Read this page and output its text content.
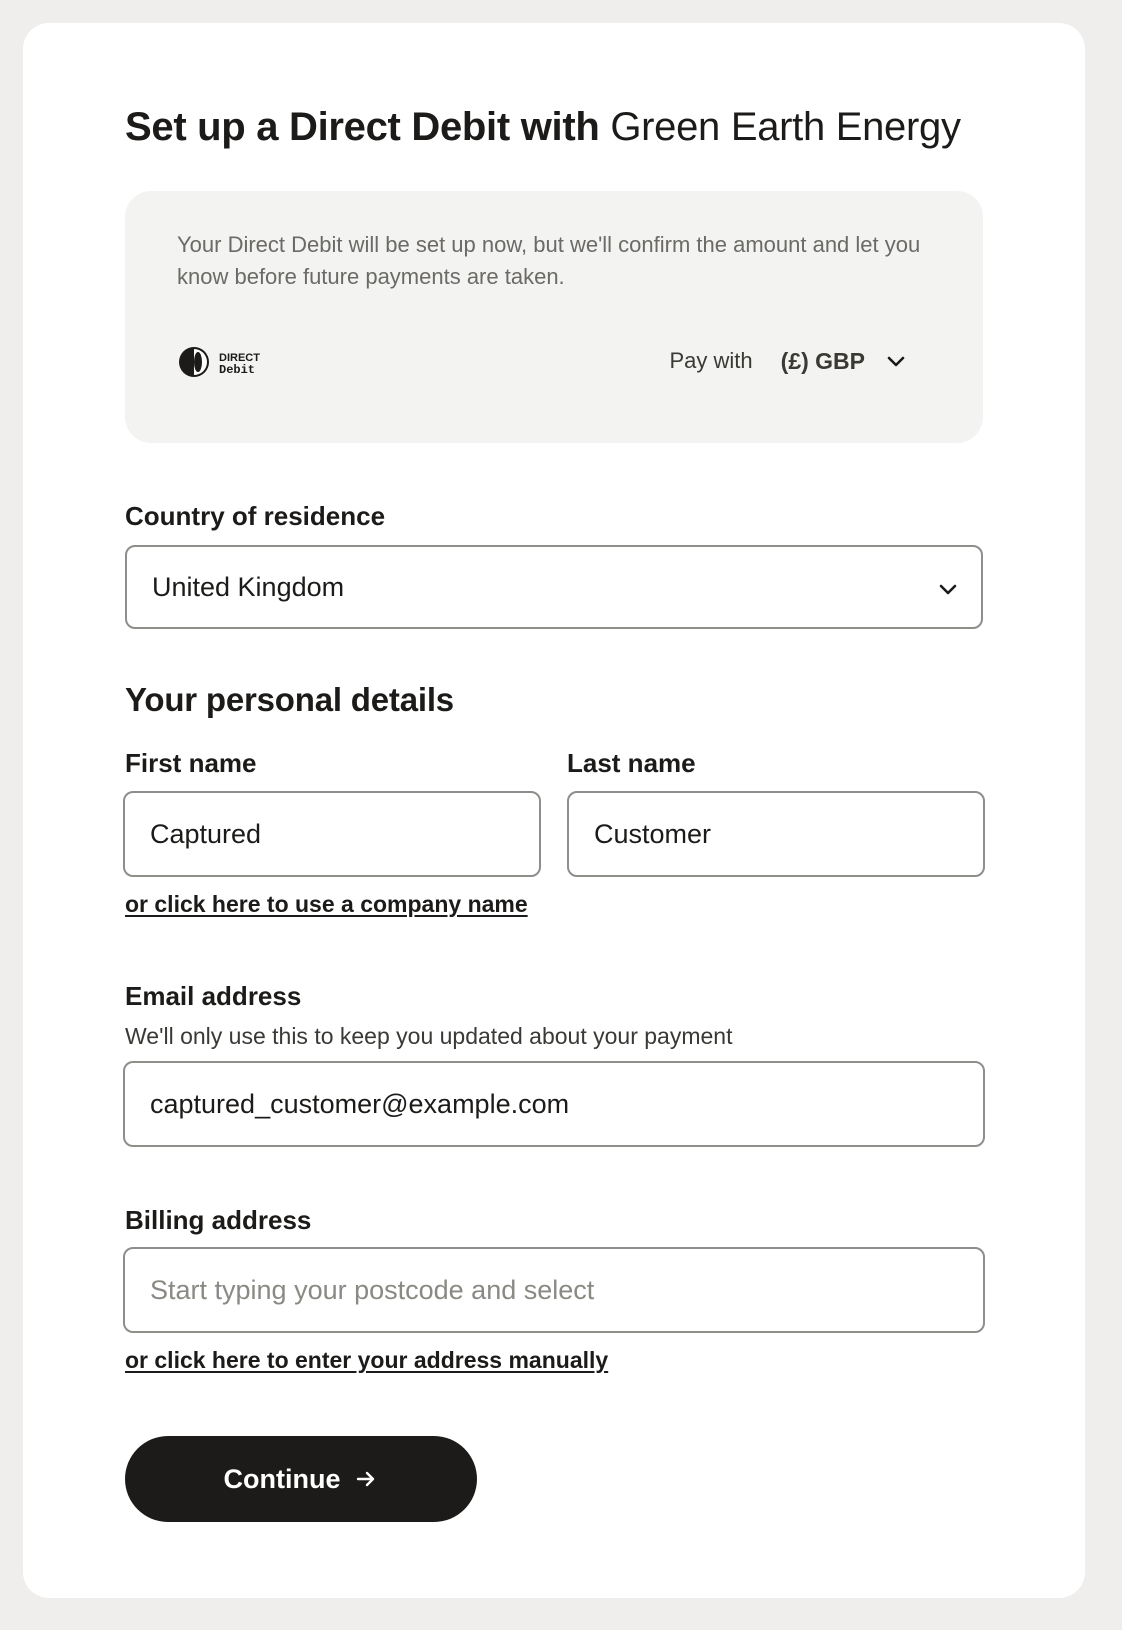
Set up a Direct Debit with Green Earth Energy

Your Direct Debit will be set up now, but we'll confirm the amount and let you know before future payments are taken.

DIRECT
Debit	Pay with (£) GBP
Country of residence
United Kingdom
Your personal details
First name	Last name
Captured
Customer
or click here to use a company name
Email address

We'll only use this to keep you updated about your payment

captured_customer@example.com
Billing address
Start typing your postcode and select
or click here to enter your address manually
Continue
